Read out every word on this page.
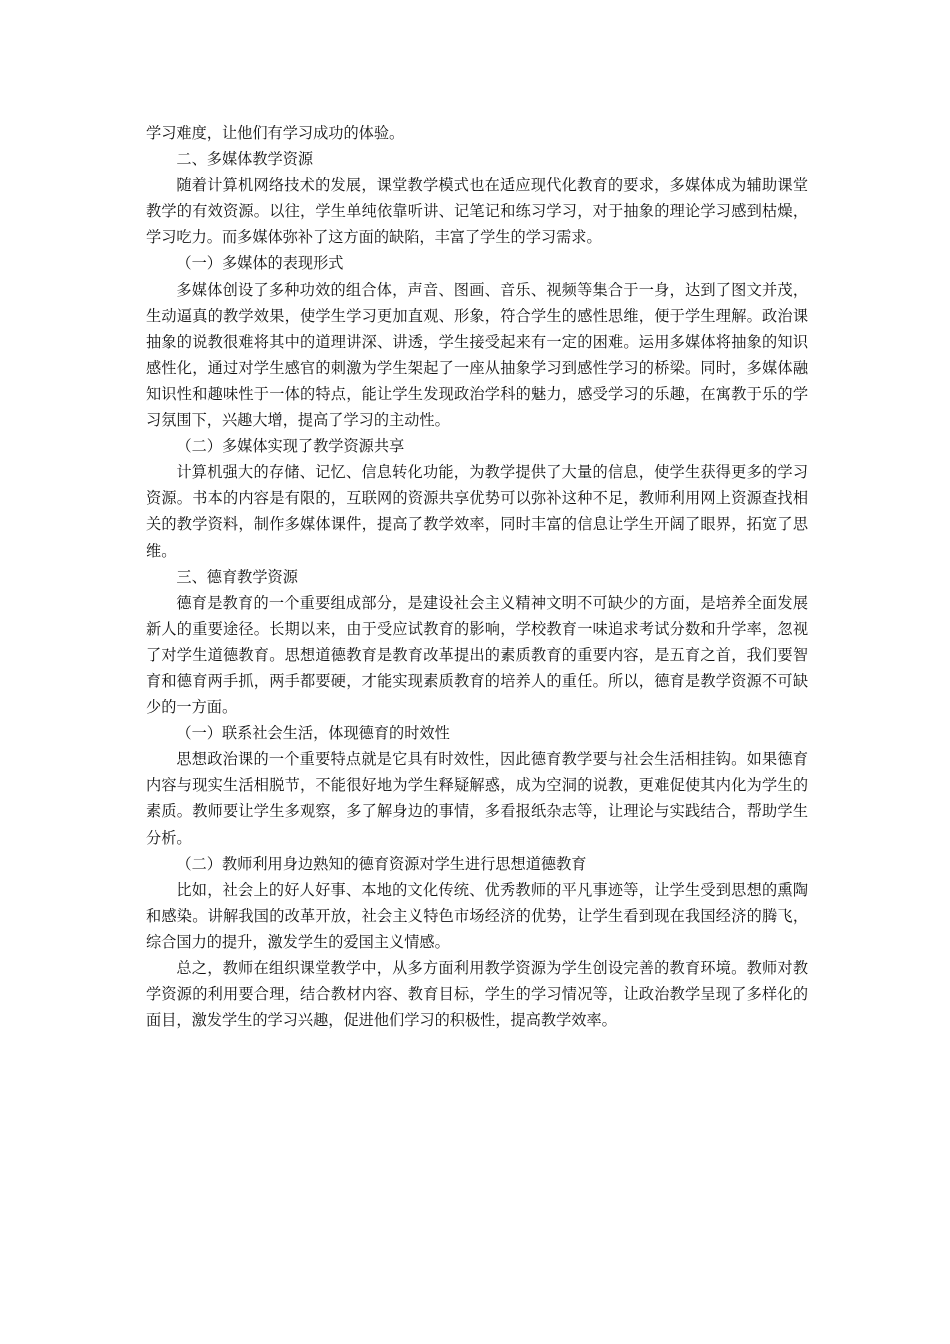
学习难度，让他们有学习成功的体验。

二、多媒体教学资源

随着计算机网络技术的发展，课堂教学模式也在适应现代化教育的要求，多媒体成为辅助课堂教学的有效资源。以往，学生单纯依靠听讲、记笔记和练习学习，对于抽象的理论学习感到枯燥，学习吃力。而多媒体弥补了这方面的缺陷，丰富了学生的学习需求。

（一）多媒体的表现形式

多媒体创设了多种功效的组合体，声音、图画、音乐、视频等集合于一身，达到了图文并茂，生动逼真的教学效果，使学生学习更加直观、形象，符合学生的感性思维，便于学生理解。政治课抽象的说教很难将其中的道理讲深、讲透，学生接受起来有一定的困难。运用多媒体将抽象的知识感性化，通过对学生感官的刺激为学生架起了一座从抽象学习到感性学习的桥梁。同时，多媒体融知识性和趣味性于一体的特点，能让学生发现政治学科的魅力，感受学习的乐趣，在寓教于乐的学习氛围下，兴趣大增，提高了学习的主动性。

（二）多媒体实现了教学资源共享

计算机强大的存储、记忆、信息转化功能，为教学提供了大量的信息，使学生获得更多的学习资源。书本的内容是有限的，互联网的资源共享优势可以弥补这种不足，教师利用网上资源查找相关的教学资料，制作多媒体课件，提高了教学效率，同时丰富的信息让学生开阔了眼界，拓宽了思维。

三、德育教学资源

德育是教育的一个重要组成部分，是建设社会主义精神文明不可缺少的方面，是培养全面发展新人的重要途径。长期以来，由于受应试教育的影响，学校教育一味追求考试分数和升学率，忽视了对学生道德教育。思想道德教育是教育改革提出的素质教育的重要内容，是五育之首，我们要智育和德育两手抓，两手都要硬，才能实现素质教育的培养人的重任。所以，德育是教学资源不可缺少的一方面。

（一）联系社会生活，体现德育的时效性

思想政治课的一个重要特点就是它具有时效性，因此德育教学要与社会生活相挂钩。如果德育内容与现实生活相脱节，不能很好地为学生释疑解惑，成为空洞的说教，更难促使其内化为学生的素质。教师要让学生多观察，多了解身边的事情，多看报纸杂志等，让理论与实践结合，帮助学生分析。

（二）教师利用身边熟知的德育资源对学生进行思想道德教育

比如，社会上的好人好事、本地的文化传统、优秀教师的平凡事迹等，让学生受到思想的熏陶和感染。讲解我国的改革开放，社会主义特色市场经济的优势，让学生看到现在我国经济的腾飞，综合国力的提升，激发学生的爱国主义情感。

总之，教师在组织课堂教学中，从多方面利用教学资源为学生创设完善的教育环境。教师对教学资源的利用要合理，结合教材内容、教育目标，学生的学习情况等，让政治教学呈现了多样化的面目，激发学生的学习兴趣，促进他们学习的积极性，提高教学效率。
